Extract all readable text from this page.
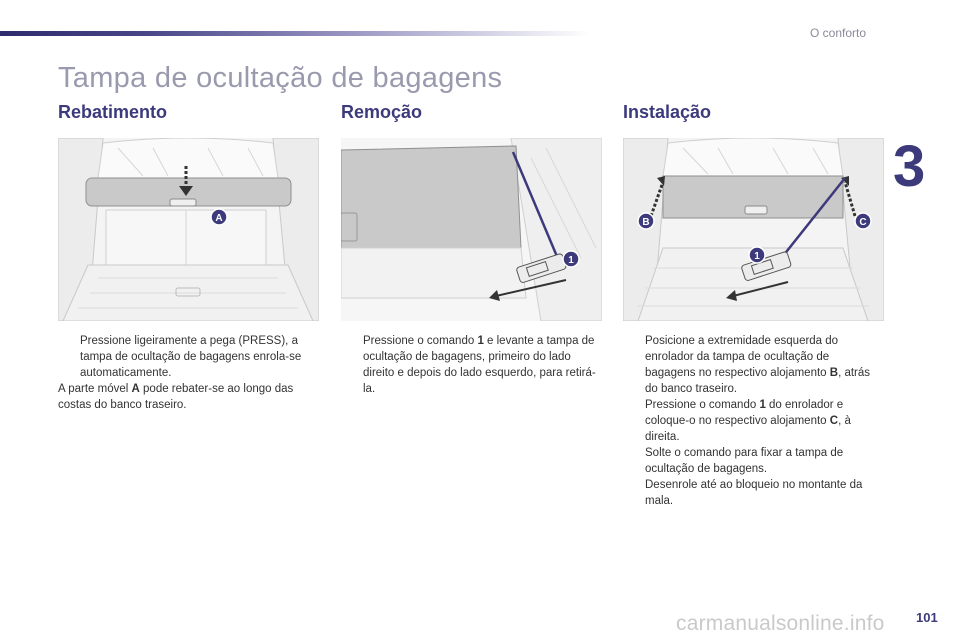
O conforto
3
Tampa de ocultação de bagagens
Rebatimento
A

Pressione ligeiramente a pega (PRESS), a tampa de ocultação de bagagens enrola-se automaticamente.

A parte móvel A pode rebater-se ao longo das costas do banco traseiro.

Remoção
1

Pressione o comando 1 e levante a tampa de ocultação de bagagens, primeiro do lado direito e depois do lado esquerdo, para retirá-la.

Instalação
B	C
1

Posicione a extremidade esquerda do enrolador da tampa de ocultação de bagagens no respectivo alojamento B, atrás do banco traseiro.

Pressione o comando 1 do enrolador e coloque-o no respectivo alojamento C, à direita.

Solte o comando para fixar a tampa de ocultação de bagagens.

Desenrole até ao bloqueio no montante da mala.

carmanualsonline.info 101
